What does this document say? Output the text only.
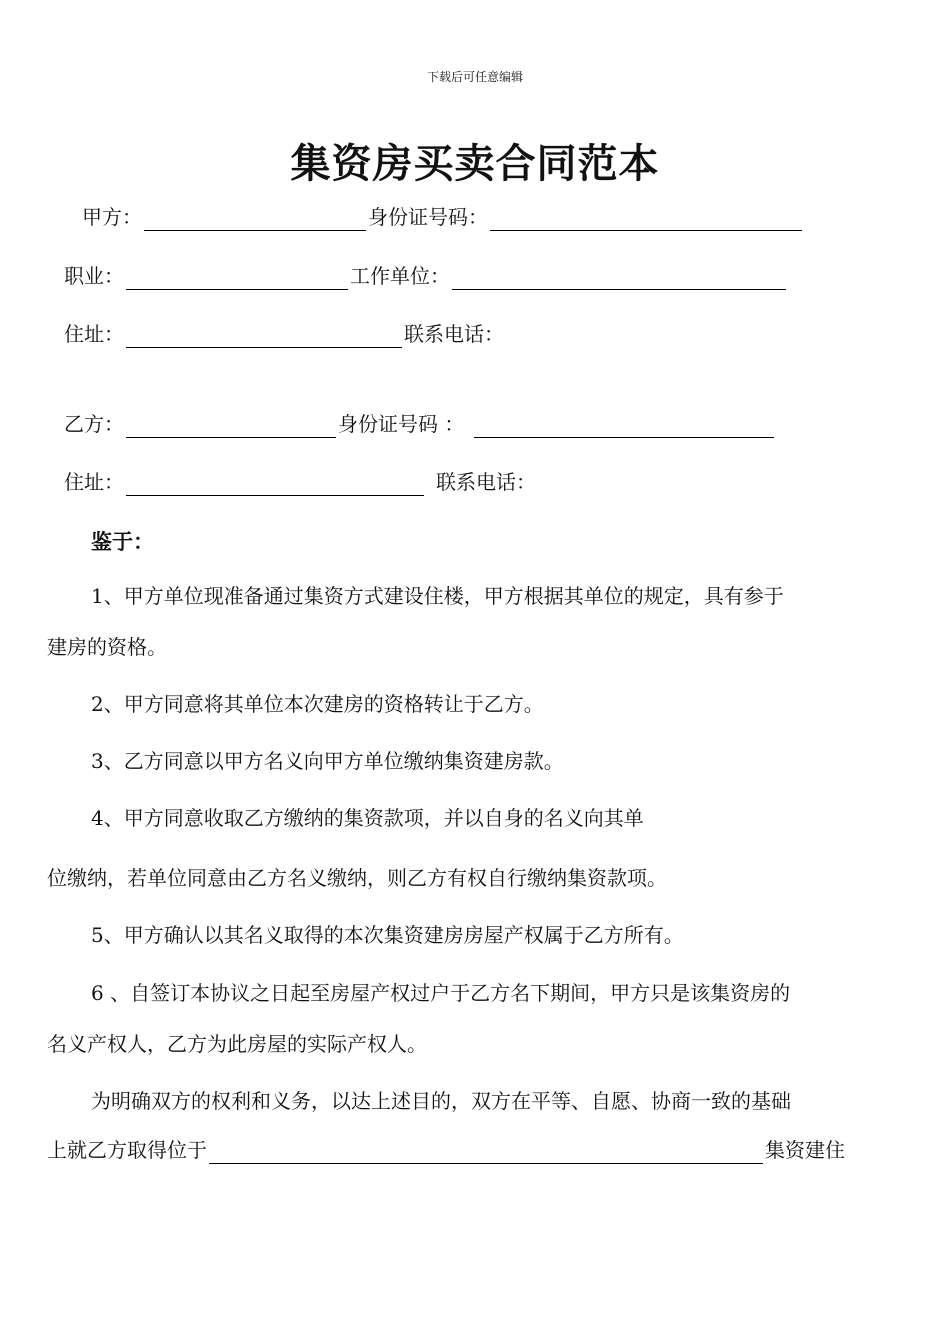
下载后可任意编辑
集资房买卖合同范本
甲方：	身份证号码：
职业：	工作单位：
住址：	联系电话：
乙方：	身份证号码 ：
住址：	联系电话：
鉴于：
1、甲方单位现准备通过集资方式建设住楼，甲方根据其单位的规定，具有参于
建房的资格。
2、甲方同意将其单位本次建房的资格转让于乙方。
3、乙方同意以甲方名义向甲方单位缴纳集资建房款。
4、甲方同意收取乙方缴纳的集资款项，并以自身的名义向其单
位缴纳，若单位同意由乙方名义缴纳，则乙方有权自行缴纳集资款项。
5、甲方确认以其名义取得的本次集资建房房屋产权属于乙方所有。
6 、自签订本协议之日起至房屋产权过户于乙方名下期间，甲方只是该集资房的
名义产权人，乙方为此房屋的实际产权人。
为明确双方的权利和义务，以达上述目的，双方在平等、自愿、协商一致的基础
上就乙方取得位于	集资建住
